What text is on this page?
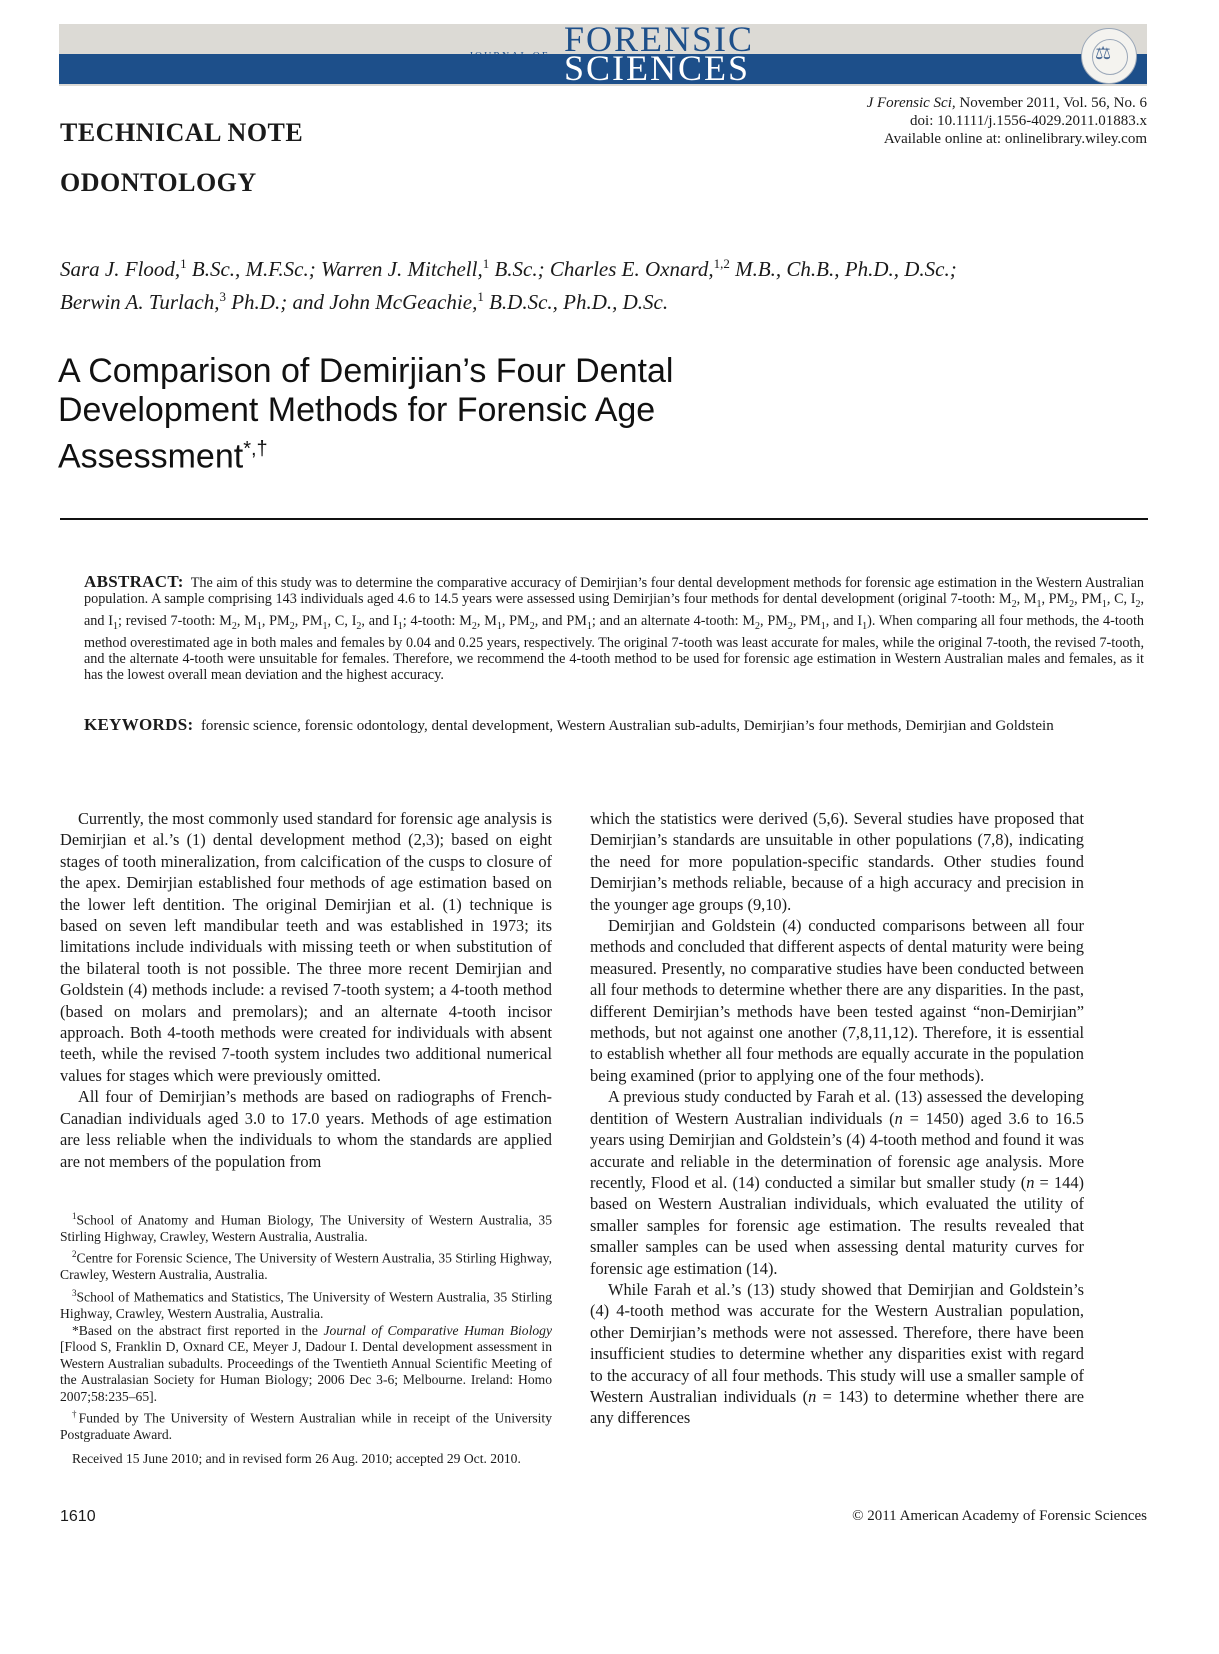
JOURNAL OF FORENSIC
SCIENCES	⚖
J Forensic Sci, November 2011, Vol. 56, No. 6
doi: 10.1111/j.1556-4029.2011.01883.x
Available online at: onlinelibrary.wiley.com
TECHNICAL NOTE
ODONTOLOGY
Sara J. Flood,$^1$ B.Sc., M.F.Sc.; Warren J. Mitchell,$^1$ B.Sc.; Charles E. Oxnard,$^{1,2}$ M.B., Ch.B., Ph.D., D.Sc.;
Berwin A. Turlach,$^3$ Ph.D.; and John McGeachie,$^1$ B.D.Sc., Ph.D., D.Sc.
A Comparison of Demirjian’s Four Dental
Development Methods for Forensic Age
Assessment*,†
ABSTRACT: The aim of this study was to determine the comparative accuracy of Demirjian’s four dental development methods for forensic age estimation in the Western Australian population. A sample comprising 143 individuals aged 4.6 to 14.5 years were assessed using Demirjian’s four methods for dental development (original 7-tooth: $M_2$, $M_1$, $PM_2$, $PM_1$, C, $I_2$, and $I_1$; revised 7-tooth: $M_2$, $M_1$, $PM_2$, $PM_1$, C, $I_2$, and $I_1$; 4-tooth: $M_2$, $M_1$, $PM_2$, and $PM_1$; and an alternate 4-tooth: $M_2$, $PM_2$, $PM_1$, and $I_1$). When comparing all four methods, the 4-tooth method overestimated age in both males and females by 0.04 and 0.25 years, respectively. The original 7-tooth was least accurate for males, while the original 7-tooth, the revised 7-tooth, and the alternate 4-tooth were unsuitable for females. Therefore, we recommend the 4-tooth method to be used for forensic age estimation in Western Australian males and females, as it has the lowest overall mean deviation and the highest accuracy.
KEYWORDS: forensic science, forensic odontology, dental development, Western Australian sub-adults, Demirjian’s four methods, Demirjian and Goldstein

Currently, the most commonly used standard for forensic age analysis is Demirjian et al.’s (1) dental development method (2,3); based on eight stages of tooth mineralization, from calcification of the cusps to closure of the apex. Demirjian established four methods of age estimation based on the lower left dentition. The original Demirjian et al. (1) technique is based on seven left mandibular teeth and was established in 1973; its limitations include individuals with missing teeth or when substitution of the bilateral tooth is not possible. The three more recent Demirjian and Goldstein (4) methods include: a revised 7-tooth system; a 4-tooth method (based on molars and premolars); and an alternate 4-tooth incisor approach. Both 4-tooth methods were created for individuals with absent teeth, while the revised 7-tooth system includes two additional numerical values for stages which were previously omitted.

All four of Demirjian’s methods are based on radiographs of French-Canadian individuals aged 3.0 to 17.0 years. Methods of age estimation are less reliable when the individuals to whom the standards are applied are not members of the population from

$^1$School of Anatomy and Human Biology, The University of Western Australia, 35 Stirling Highway, Crawley, Western Australia, Australia.

$^2$Centre for Forensic Science, The University of Western Australia, 35 Stirling Highway, Crawley, Western Australia, Australia.

$^3$School of Mathematics and Statistics, The University of Western Australia, 35 Stirling Highway, Crawley, Western Australia, Australia.

*Based on the abstract first reported in the Journal of Comparative Human Biology [Flood S, Franklin D, Oxnard CE, Meyer J, Dadour I. Dental development assessment in Western Australian subadults. Proceedings of the Twentieth Annual Scientific Meeting of the Australasian Society for Human Biology; 2006 Dec 3-6; Melbourne. Ireland: Homo 2007;58:235–65].

†Funded by The University of Western Australian while in receipt of the University Postgraduate Award.

Received 15 June 2010; and in revised form 26 Aug. 2010; accepted 29 Oct. 2010.

which the statistics were derived (5,6). Several studies have proposed that Demirjian’s standards are unsuitable in other populations (7,8), indicating the need for more population-specific standards. Other studies found Demirjian’s methods reliable, because of a high accuracy and precision in the younger age groups (9,10).

Demirjian and Goldstein (4) conducted comparisons between all four methods and concluded that different aspects of dental maturity were being measured. Presently, no comparative studies have been conducted between all four methods to determine whether there are any disparities. In the past, different Demirjian’s methods have been tested against “non-Demirjian” methods, but not against one another (7,8,11,12). Therefore, it is essential to establish whether all four methods are equally accurate in the population being examined (prior to applying one of the four methods).

A previous study conducted by Farah et al. (13) assessed the developing dentition of Western Australian individuals (n = 1450) aged 3.6 to 16.5 years using Demirjian and Goldstein’s (4) 4-tooth method and found it was accurate and reliable in the determination of forensic age analysis. More recently, Flood et al. (14) conducted a similar but smaller study (n = 144) based on Western Australian individuals, which evaluated the utility of smaller samples for forensic age estimation. The results revealed that smaller samples can be used when assessing dental maturity curves for forensic age estimation (14).

While Farah et al.’s (13) study showed that Demirjian and Goldstein’s (4) 4-tooth method was accurate for the Western Australian population, other Demirjian’s methods were not assessed. Therefore, there have been insufficient studies to determine whether any disparities exist with regard to the accuracy of all four methods. This study will use a smaller sample of Western Australian individuals (n = 143) to determine whether there are any differences

1610	© 2011 American Academy of Forensic Sciences
